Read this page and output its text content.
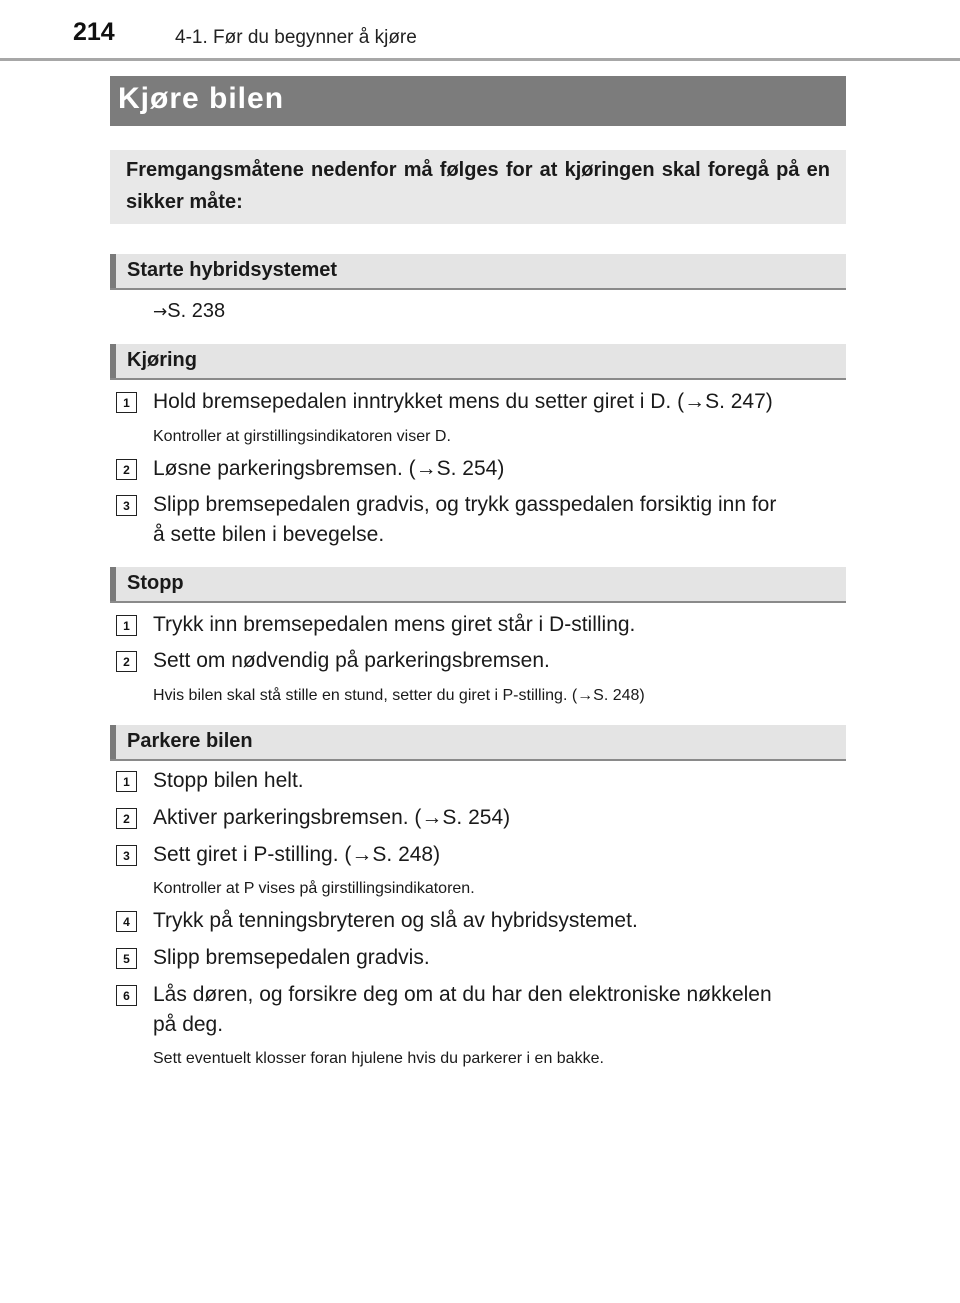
214	4-1. Før du begynner å kjøre
Kjøre bilen
Fremgangsmåtene nedenfor må følges for at kjøringen skal foregå på en sikker måte:
Starte hybridsystemet
→S. 238
Kjøring
1	Hold bremsepedalen inntrykket mens du setter giret i D. (→S. 247)
Kontroller at girstillingsindikatoren viser D.
2	Løsne parkeringsbremsen. (→S. 254)
3	Slipp bremsepedalen gradvis, og trykk gasspedalen forsiktig inn for
å sette bilen i bevegelse.
Stopp
1	Trykk inn bremsepedalen mens giret står i D-stilling.
2	Sett om nødvendig på parkeringsbremsen.
Hvis bilen skal stå stille en stund, setter du giret i P-stilling. (→S. 248)
Parkere bilen
1	Stopp bilen helt.
2	Aktiver parkeringsbremsen. (→S. 254)
3	Sett giret i P-stilling. (→S. 248)
Kontroller at P vises på girstillingsindikatoren.
4	Trykk på tenningsbryteren og slå av hybridsystemet.
5	Slipp bremsepedalen gradvis.
6	Lås døren, og forsikre deg om at du har den elektroniske nøkkelen
på deg.
Sett eventuelt klosser foran hjulene hvis du parkerer i en bakke.
